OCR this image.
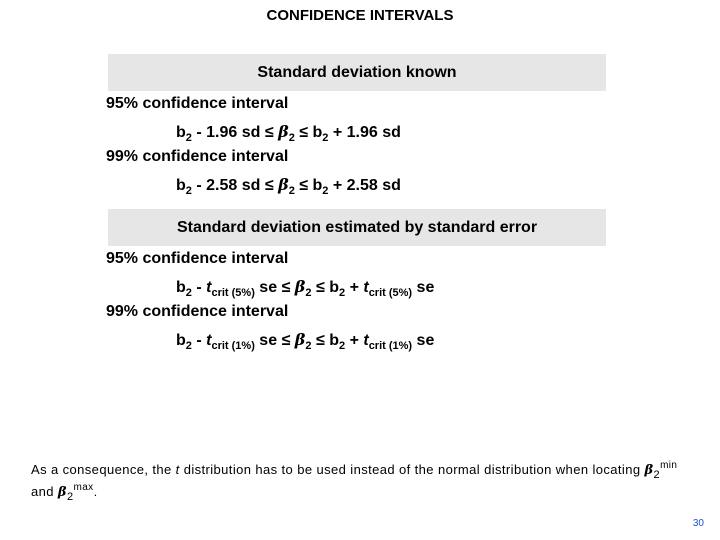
CONFIDENCE INTERVALS
Standard deviation known
95% confidence interval
$b_2 - 1.96$ sd ≤ $\beta_2 \le b_2 + 1.96$ sd
99% confidence interval
$b_2 - 2.58$ sd ≤ $\beta_2 \le b_2 + 2.58$ sd
Standard deviation estimated by standard error
95% confidence interval
$b_2 - t_{crit (5\%)}$ se ≤ $\beta_2 \le b_2 + t_{crit (5\%)}$ se
99% confidence interval
$b_2 - t_{crit (1\%)}$ se ≤ $\beta_2 \le b_2 + t_{crit (1\%)}$ se
As a consequence, the t distribution has to be used instead of the normal distribution when locating $\beta_2^{min}$ and $\beta_2^{max}$.
30
